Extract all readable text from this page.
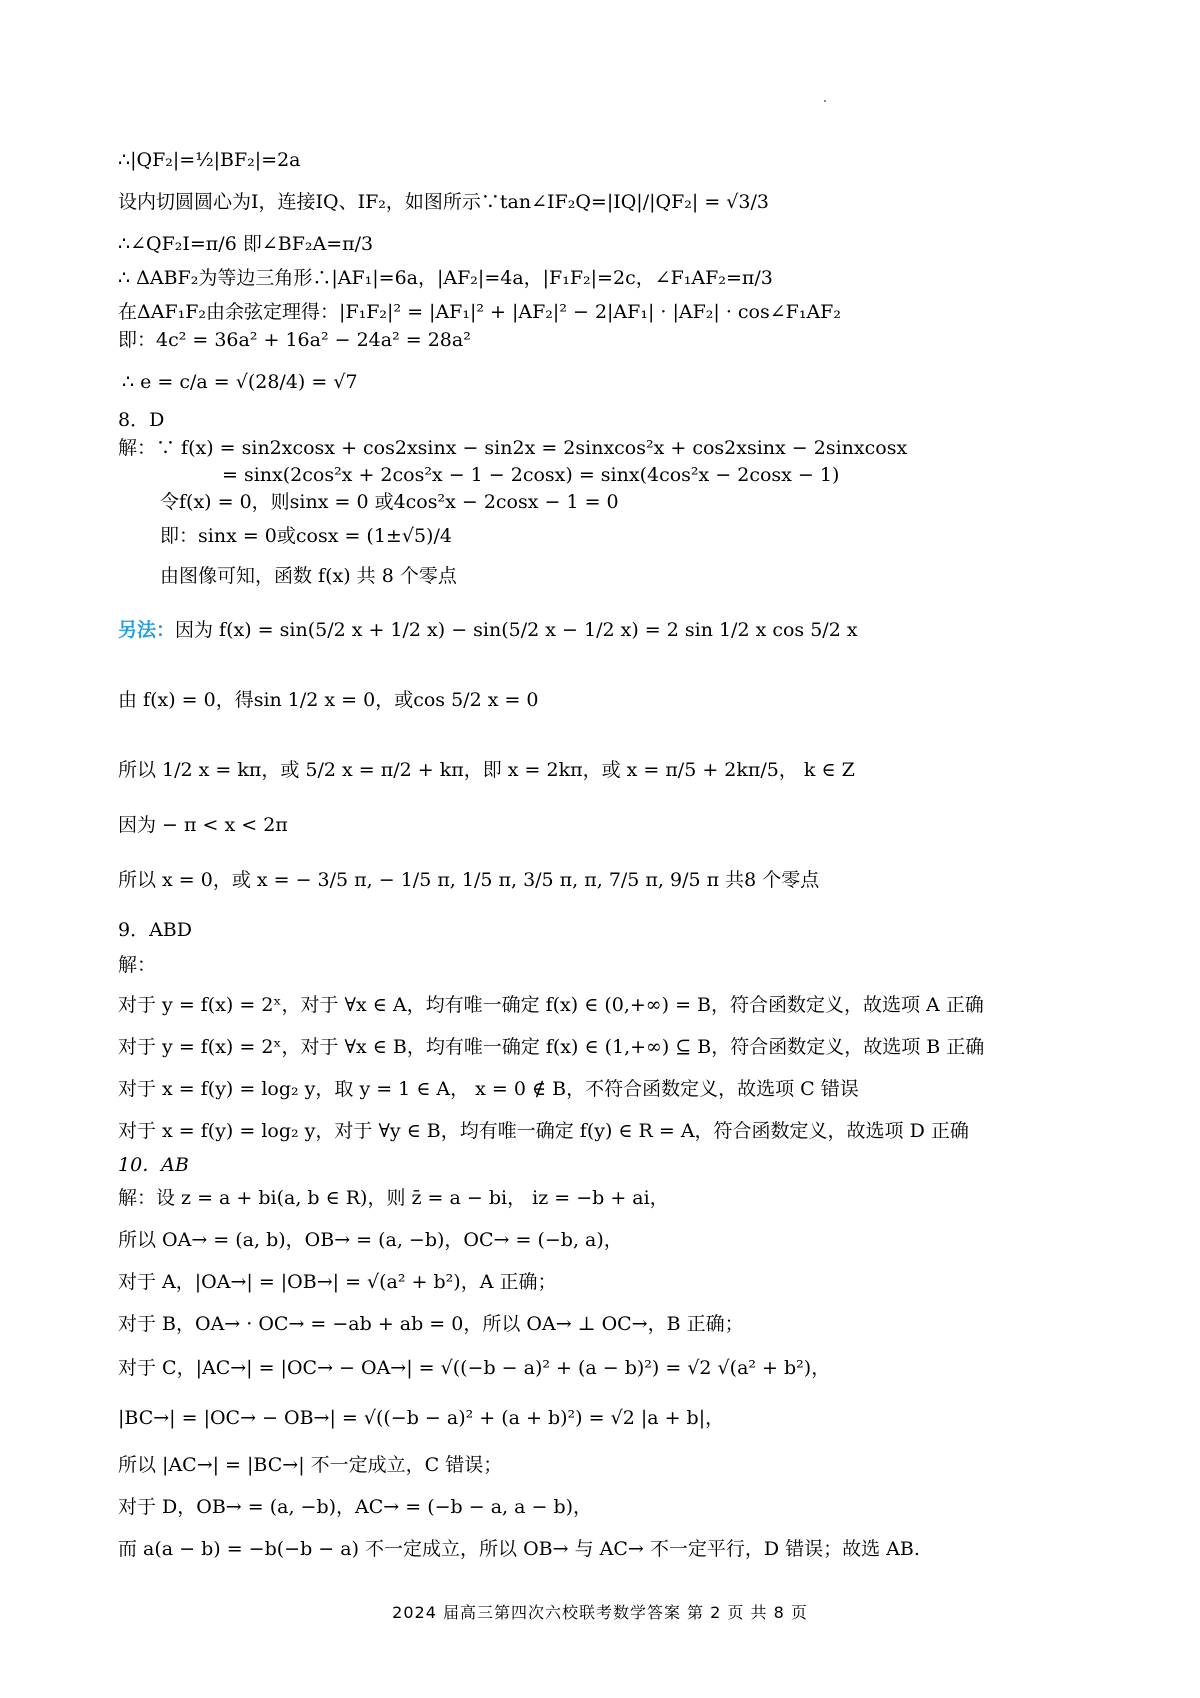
∴|QF₂|=½|BF₂|=2a
设内切圆圆心为I，连接IQ、IF₂，如图所示∵tan∠IF₂Q=|IQ|/|QF₂| = √3/3
∴∠QF₂I=π/6 即∠BF₂A=π/3
∴ ΔABF₂为等边三角形∴|AF₁|=6a，|AF₂|=4a，|F₁F₂|=2c，∠F₁AF₂=π/3
在ΔAF₁F₂由余弦定理得：|F₁F₂|² = |AF₁|² + |AF₂|² − 2|AF₁| · |AF₂| · cos∠F₁AF₂
即：4c² = 36a² + 16a² − 24a² = 28a²
∴ e = c/a = √(28/4) = √7
8．D
解：∵ f(x) = sin2xcosx + cos2xsinx − sin2x = 2sinxcos²x + cos2xsinx − 2sinxcosx
= sinx(2cos²x + 2cos²x − 1 − 2cosx) = sinx(4cos²x − 2cosx − 1)
令f(x) = 0，则sinx = 0 或4cos²x − 2cosx − 1 = 0
即：sinx = 0或cosx = (1±√5)/4
由图像可知，函数 f(x) 共 8 个零点
另法：因为 f(x) = sin(5/2 x + 1/2 x) − sin(5/2 x − 1/2 x) = 2 sin 1/2 x cos 5/2 x
由 f(x) = 0，得sin 1/2 x = 0，或cos 5/2 x = 0
所以 1/2 x = kπ，或 5/2 x = π/2 + kπ，即 x = 2kπ，或 x = π/5 + 2kπ/5， k ∈ Z
因为 − π < x < 2π
所以 x = 0，或 x = − 3/5 π, − 1/5 π, 1/5 π, 3/5 π, π, 7/5 π, 9/5 π 共8 个零点
9．ABD
解：
对于 y = f(x) = 2ˣ，对于 ∀x ∈ A，均有唯一确定 f(x) ∈ (0,+∞) = B，符合函数定义，故选项 A 正确
对于 y = f(x) = 2ˣ，对于 ∀x ∈ B，均有唯一确定 f(x) ∈ (1,+∞) ⊆ B，符合函数定义，故选项 B 正确
对于 x = f(y) = log₂ y，取 y = 1 ∈ A， x = 0 ∉ B，不符合函数定义，故选项 C 错误
对于 x = f(y) = log₂ y，对于 ∀y ∈ B，均有唯一确定 f(y) ∈ R = A，符合函数定义，故选项 D 正确
10．AB
解：设 z = a + bi(a, b ∈ R)，则 z̄ = a − bi， iz = −b + ai，
所以 OA→ = (a, b)，OB→ = (a, −b)，OC→ = (−b, a)，
对于 A，|OA→| = |OB→| = √(a² + b²)，A 正确；
对于 B，OA→ · OC→ = −ab + ab = 0，所以 OA→ ⊥ OC→，B 正确；
对于 C，|AC→| = |OC→ − OA→| = √((−b − a)² + (a − b)²) = √2 √(a² + b²)，
|BC→| = |OC→ − OB→| = √((−b − a)² + (a + b)²) = √2 |a + b|，
所以 |AC→| = |BC→| 不一定成立，C 错误；
对于 D，OB→ = (a, −b)，AC→ = (−b − a, a − b)，
而 a(a − b) = −b(−b − a) 不一定成立，所以 OB→ 与 AC→ 不一定平行，D 错误；故选 AB.
2024 届高三第四次六校联考数学答案 第 2 页 共 8 页
